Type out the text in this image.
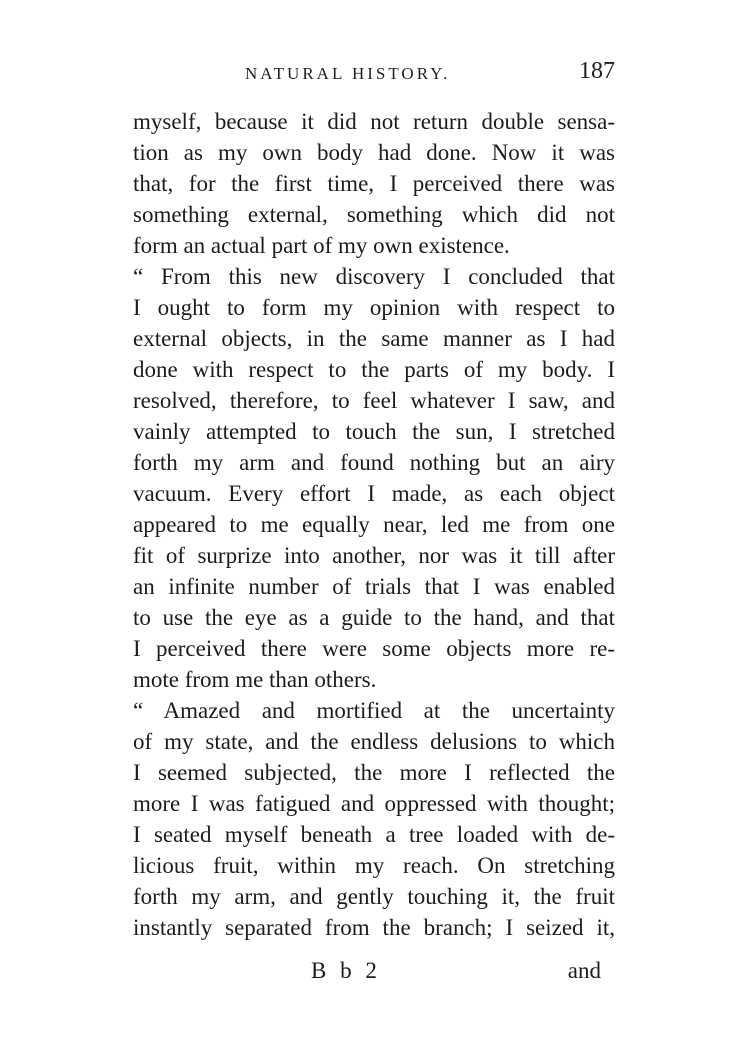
NATURAL HISTORY.	187

myself, because it did not return double sensa-
tion as my own body had done. Now it was
that, for the first time, I perceived there was
something external, something which did not
form an actual part of my own existence.

“ From this new discovery I concluded that
I ought to form my opinion with respect to
external objects, in the same manner as I had
done with respect to the parts of my body. I
resolved, therefore, to feel whatever I saw, and
vainly attempted to touch the sun, I stretched
forth my arm and found nothing but an airy
vacuum. Every effort I made, as each object
appeared to me equally near, led me from one
fit of surprize into another, nor was it till after
an infinite number of trials that I was enabled
to use the eye as a guide to the hand, and that
I perceived there were some objects more re-
mote from me than others.

“ Amazed and mortified at the uncertainty
of my state, and the endless delusions to which
I seemed subjected, the more I reflected the
more I was fatigued and oppressed with thought;
I seated myself beneath a tree loaded with de-
licious fruit, within my reach. On stretching
forth my arm, and gently touching it, the fruit
instantly separated from the branch; I seized it,

B b 2	and
